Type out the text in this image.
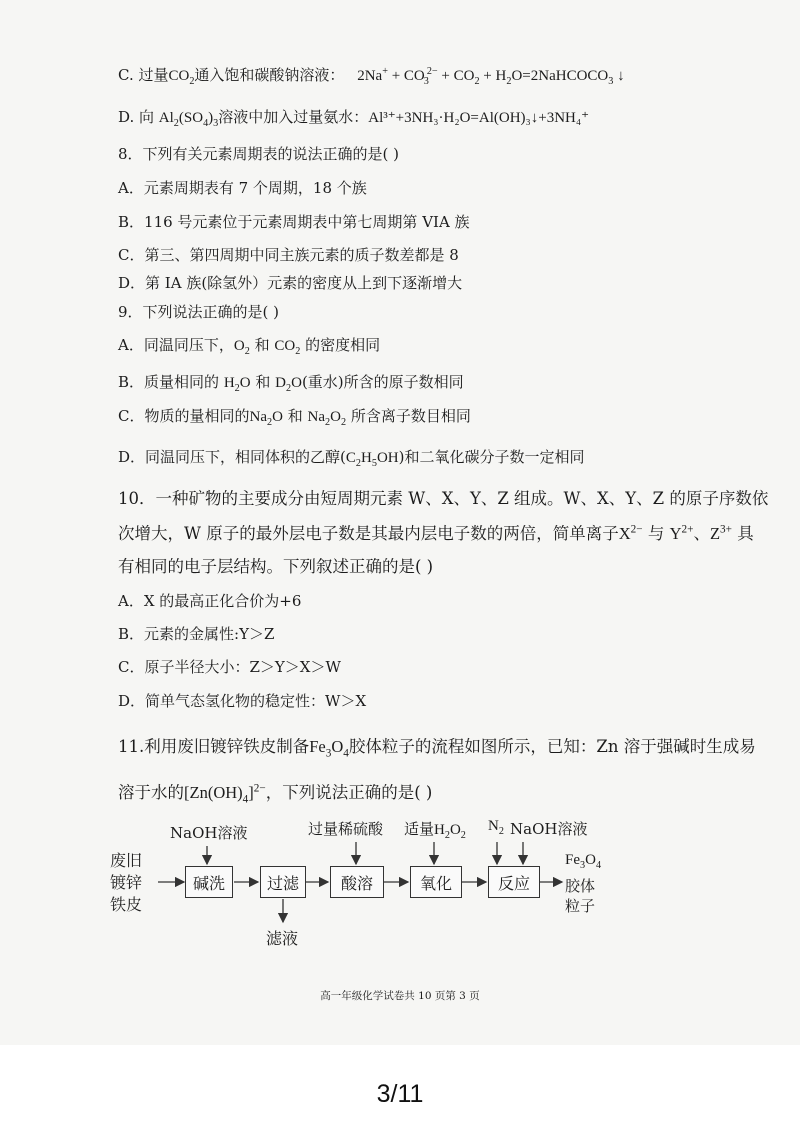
C. 过量$CO_2$通入饱和碳酸钠溶液： $2Na^+ + CO_3^{2-} + CO_2$ + $H_2O=2NaHCOCO_3$ ↓
D. 向 $Al_2(SO_4)_3$溶液中加入过量氨水：Al³⁺+3NH₃·H₂O=Al(OH)₃↓+3NH₄⁺
8．下列有关元素周期表的说法正确的是( )
A．元素周期表有 7 个周期，18 个族
B．116 号元素位于元素周期表中第七周期第 VIA 族
C．第三、第四周期中同主族元素的质子数差都是 8
D．第 IA 族(除氢外）元素的密度从上到下逐渐增大
9．下列说法正确的是( )
A．同温同压下，$O_2$ 和 $CO_2$ 的密度相同
B．质量相同的 $H_2O$ 和 $D_2O$(重水)所含的原子数相同
C．物质的量相同的$Na_2O$ 和 $Na_2O_2$ 所含离子数目相同
D．同温同压下，相同体积的乙醇$(C_2H_5OH)$和二氧化碳分子数一定相同
10．一种矿物的主要成分由短周期元素 W、X、Y、Z 组成。W、X、Y、Z 的原子序数依
次增大，W 原子的最外层电子数是其最内层电子数的两倍，简单离子$X^{2-}$ 与 $Y^{2+}$、$Z^{3+}$ 具
有相同的电子层结构。下列叙述正确的是( )
A．X 的最高正化合价为+6
B．元素的金属性:Y＞Z
C．原子半径大小：Z＞Y＞X＞W
D．简单气态氢化物的稳定性：W＞X
11.利用废旧镀锌铁皮制备$Fe_3O_4$胶体粒子的流程如图所示，已知：Zn 溶于强碱时生成易
溶于水的$[Zn(OH)_4]^{2-}$，下列说法正确的是( )
废旧
镀锌
铁皮
碱洗	过滤	酸溶	氧化	反应
NaOH溶液	过量稀硫酸 适量$H_2O_2$
$N_2$ NaOH溶液
滤液
$Fe_3O_4$
胶体
粒子
高一年级化学试卷共 10 页第 3 页
3/11
